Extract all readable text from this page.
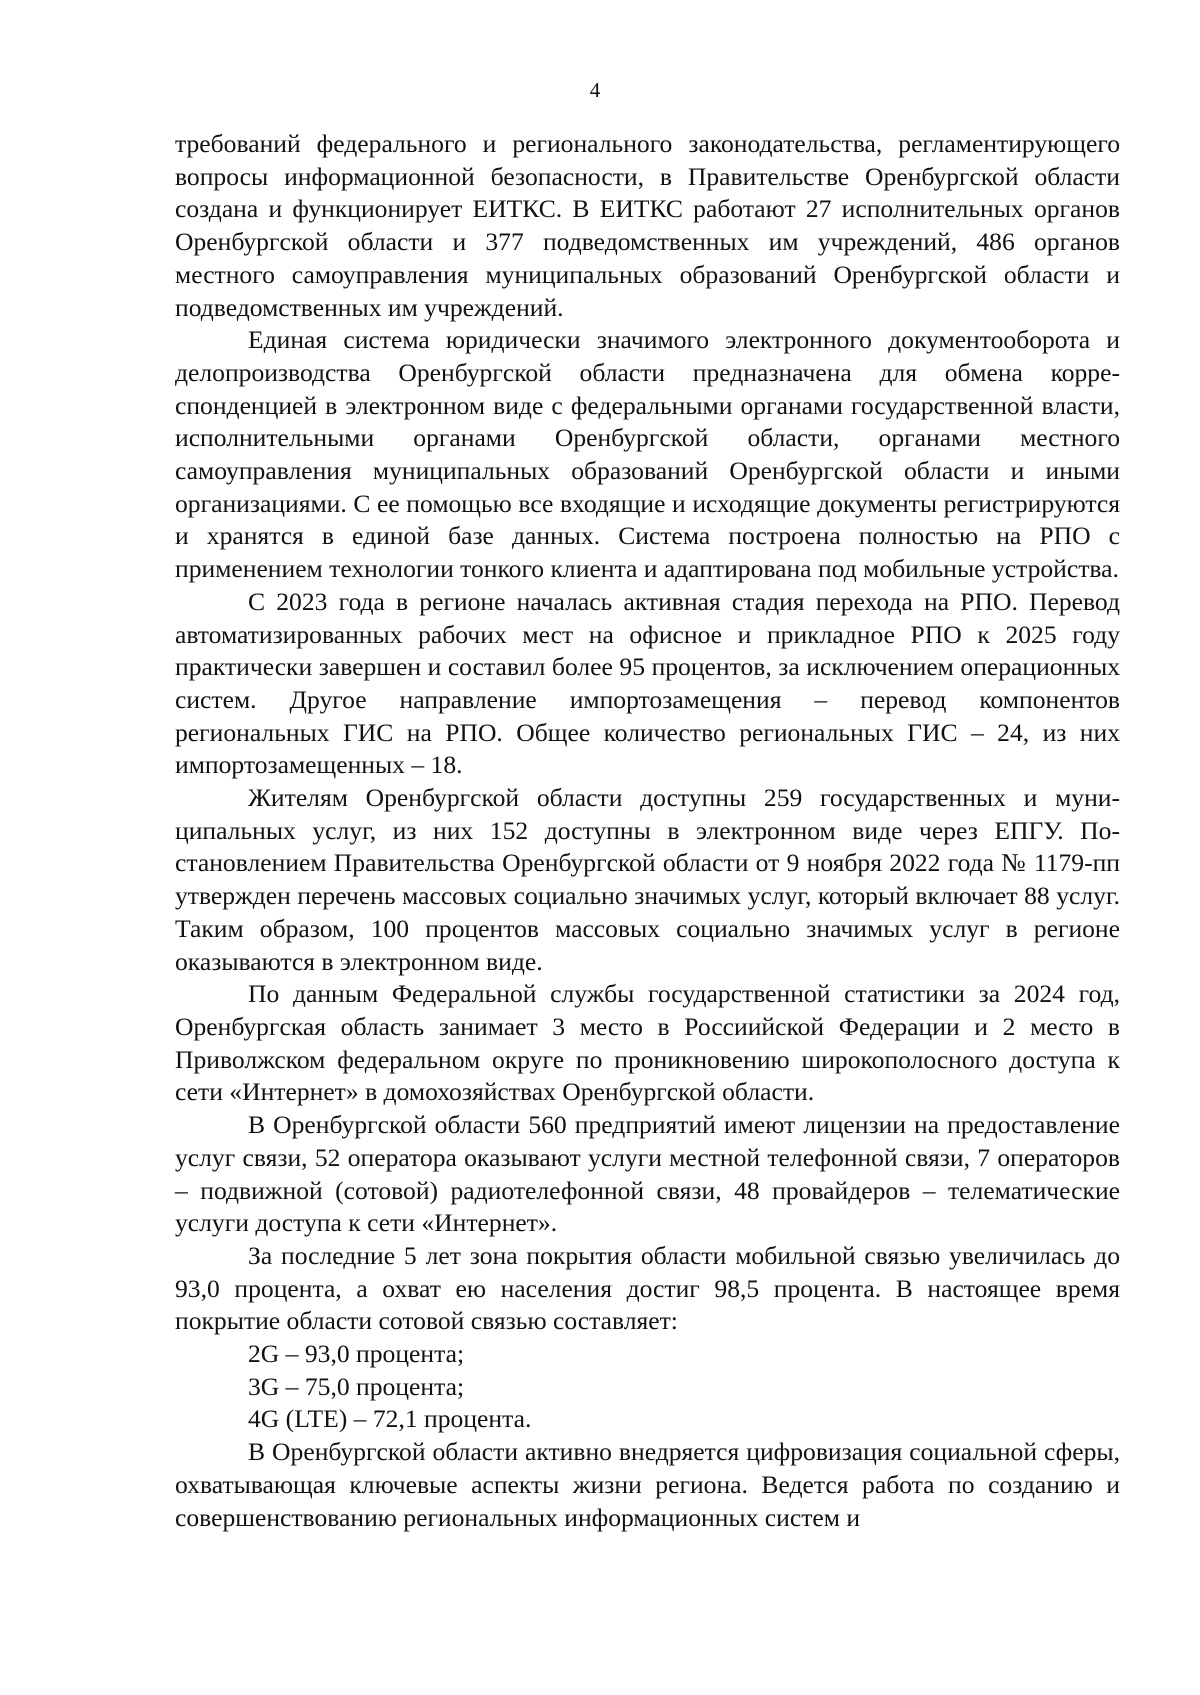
4

требований федерального и регионального законодательства, регламентирующего вопросы информационной безопасности, в Правительстве Оренбургской области создана и функционирует ЕИТКС. В ЕИТКС работают 27 исполнительных органов Оренбургской области и 377 подведомственных им учреждений, 486 органов местного самоуправления муниципальных образований Оренбургской области и подведомственных им учреждений.

Единая система юридически значимого электронного документооборота и делопроизводства Оренбургской области предназначена для обмена корреспонденцией в электронном виде с федеральными органами государственной власти, исполнительными органами Оренбургской области, органами местного самоуправления муниципальных образований Оренбургской области и иными организациями. С ее помощью все входящие и исходящие документы регистрируются и хранятся в единой базе данных. Система построена полностью на РПО с применением технологии тонкого клиента и адаптирована под мобильные устройства.

С 2023 года в регионе началась активная стадия перехода на РПО. Перевод автоматизированных рабочих мест на офисное и прикладное РПО к 2025 году практически завершен и составил более 95 процентов, за исключением операционных систем. Другое направление импортозамещения – перевод компонентов региональных ГИС на РПО. Общее количество региональных ГИС – 24, из них импортозамещенных – 18.

Жителям Оренбургской области доступны 259 государственных и муниципальных услуг, из них 152 доступны в электронном виде через ЕПГУ. Постановлением Правительства Оренбургской области от 9 ноября 2022 года № 1179-пп утвержден перечень массовых социально значимых услуг, который включает 88 услуг. Таким образом, 100 процентов массовых социально значимых услуг в регионе оказываются в электронном виде.

По данным Федеральной службы государственной статистики за 2024 год, Оренбургская область занимает 3 место в Россиийской Федерации и 2 место в Приволжском федеральном округе по проникновению широкополосного доступа к сети «Интернет» в домохозяйствах Оренбургской области.

В Оренбургской области 560 предприятий имеют лицензии на предоставление услуг связи, 52 оператора оказывают услуги местной телефонной связи, 7 операторов – подвижной (сотовой) радиотелефонной связи, 48 провайдеров – телематические услуги доступа к сети «Интернет».

За последние 5 лет зона покрытия области мобильной связью увеличилась до 93,0 процента, а охват ею населения достиг 98,5 процента. В настоящее время покрытие области сотовой связью составляет:

2G – 93,0 процента;

3G – 75,0 процента;

4G (LTE) – 72,1 процента.

В Оренбургской области активно внедряется цифровизация социальной сферы, охватывающая ключевые аспекты жизни региона. Ведется работа по созданию и совершенствованию региональных информационных систем и
